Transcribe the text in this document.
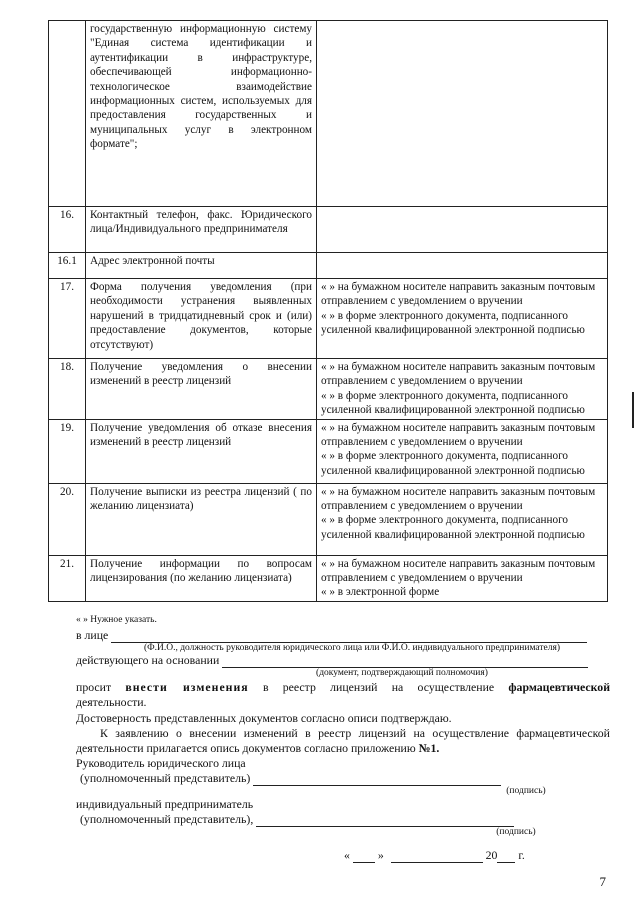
	государственную информационную систему "Единая система идентификации и аутентификации в инфраструктуре, обеспечивающей информационно-технологическое взаимодействие информационных систем, используемых для предоставления государственных и муниципальных услуг в электронном формате";	
16.	Контактный телефон, факс. Юридического лица/Индивидуального предпринимателя	
16.1	Адрес электронной почты	
17.	Форма получения уведомления (при необходимости устранения выявленных нарушений в тридцатидневный срок и (или) предоставление документов, которые отсутствуют)	« » на бумажном носителе направить заказным почтовым отправлением с уведомлением о вручении
« » в форме электронного документа, подписанного усиленной квалифицированной электронной подписью
18.	Получение уведомления о внесении изменений в реестр лицензий	« » на бумажном носителе направить заказным почтовым отправлением с уведомлением о вручении
« » в форме электронного документа, подписанного усиленной квалифицированной электронной подписью
19.	Получение уведомления об отказе внесения изменений в реестр лицензий	« » на бумажном носителе направить заказным почтовым отправлением с уведомлением о вручении
« » в форме электронного документа, подписанного усиленной квалифицированной электронной подписью
20.	Получение выписки из реестра лицензий ( по желанию лицензиата)	« » на бумажном носителе направить заказным почтовым отправлением с уведомлением о вручении
« » в форме электронного документа, подписанного усиленной квалифицированной электронной подписью
21.	Получение информации по вопросам лицензирования (по желанию лицензиата)	« » на бумажном носителе направить заказным почтовым отправлением с уведомлением о вручении
« » в электронной форме
« » Нужное указать.
в лице
(Ф.И.О., должность руководителя юридического лица или Ф.И.О. индивидуального предпринимателя)
действующего на основании
(документ, подтверждающий полномочия)
просит внести изменения в реестр лицензий на осуществление фармацевтической
деятельности.
Достоверность представленных документов согласно описи подтверждаю.
К заявлению о внесении изменений в реестр лицензий на осуществление фармацевтической деятельности прилагается опись документов согласно приложению №1.
Руководитель юридического лица
(уполномоченный представитель)
(подпись)
индивидуальный предприниматель
(уполномоченный представитель),
(подпись)
« »	20 г.
7
